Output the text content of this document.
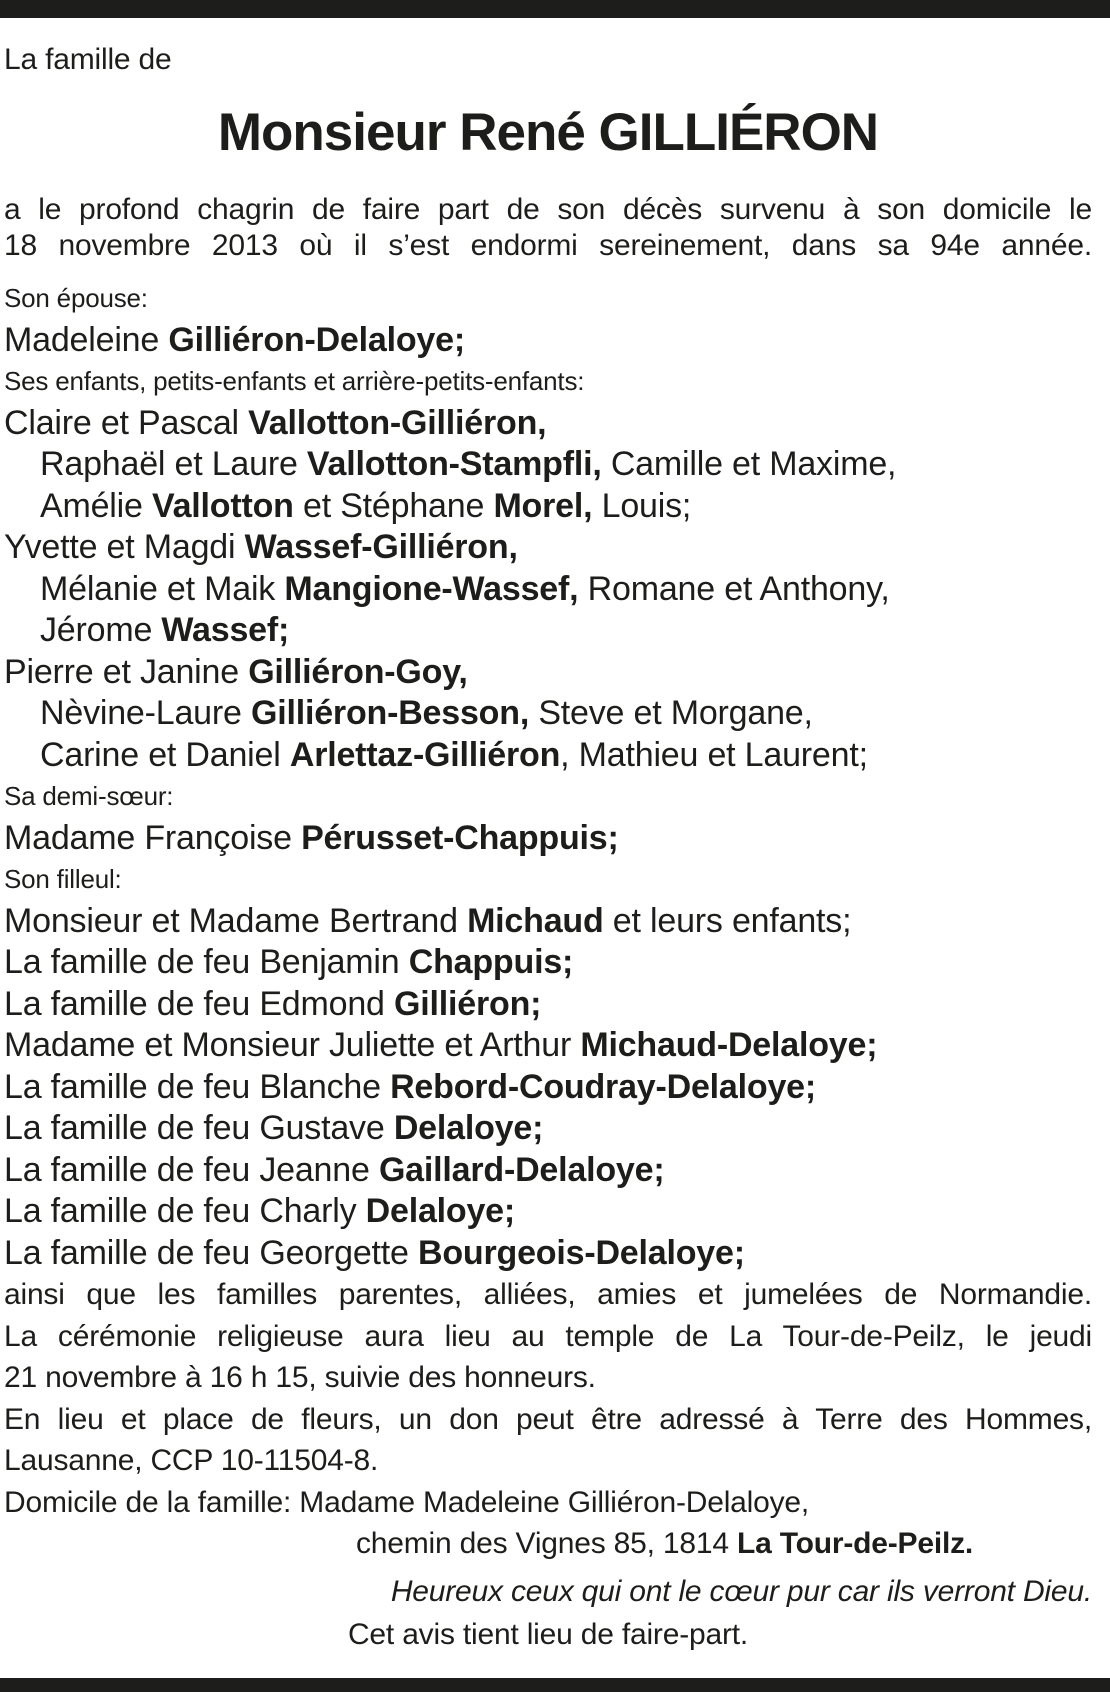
La famille de
Monsieur René GILLIÉRON
a le profond chagrin de faire part de son décès survenu à son domicile le
18 novembre 2013 où il s’est endormi sereinement, dans sa 94e année.
Son épouse:
Madeleine Gilliéron-Delaloye;
Ses enfants, petits-enfants et arrière-petits-enfants:
Claire et Pascal Vallotton-Gilliéron,
Raphaël et Laure Vallotton-Stampfli, Camille et Maxime,
Amélie Vallotton et Stéphane Morel, Louis;
Yvette et Magdi Wassef-Gilliéron,
Mélanie et Maik Mangione-Wassef, Romane et Anthony,
Jérome Wassef;
Pierre et Janine Gilliéron-Goy,
Nèvine-Laure Gilliéron-Besson, Steve et Morgane,
Carine et Daniel Arlettaz-Gilliéron, Mathieu et Laurent;
Sa demi-sœur:
Madame Françoise Pérusset-Chappuis;
Son filleul:
Monsieur et Madame Bertrand Michaud et leurs enfants;
La famille de feu Benjamin Chappuis;
La famille de feu Edmond Gilliéron;
Madame et Monsieur Juliette et Arthur Michaud-Delaloye;
La famille de feu Blanche Rebord-Coudray-Delaloye;
La famille de feu Gustave Delaloye;
La famille de feu Jeanne Gaillard-Delaloye;
La famille de feu Charly Delaloye;
La famille de feu Georgette Bourgeois-Delaloye;
ainsi que les familles parentes, alliées, amies et jumelées de Normandie.
La cérémonie religieuse aura lieu au temple de La Tour-de-Peilz, le jeudi
21 novembre à 16 h 15, suivie des honneurs.
En lieu et place de fleurs, un don peut être adressé à Terre des Hommes,
Lausanne, CCP 10-11504-8.
Domicile de la famille: Madame Madeleine Gilliéron-Delaloye,
chemin des Vignes 85, 1814 La Tour-de-Peilz.
Heureux ceux qui ont le cœur pur car ils verront Dieu.
Cet avis tient lieu de faire-part.
